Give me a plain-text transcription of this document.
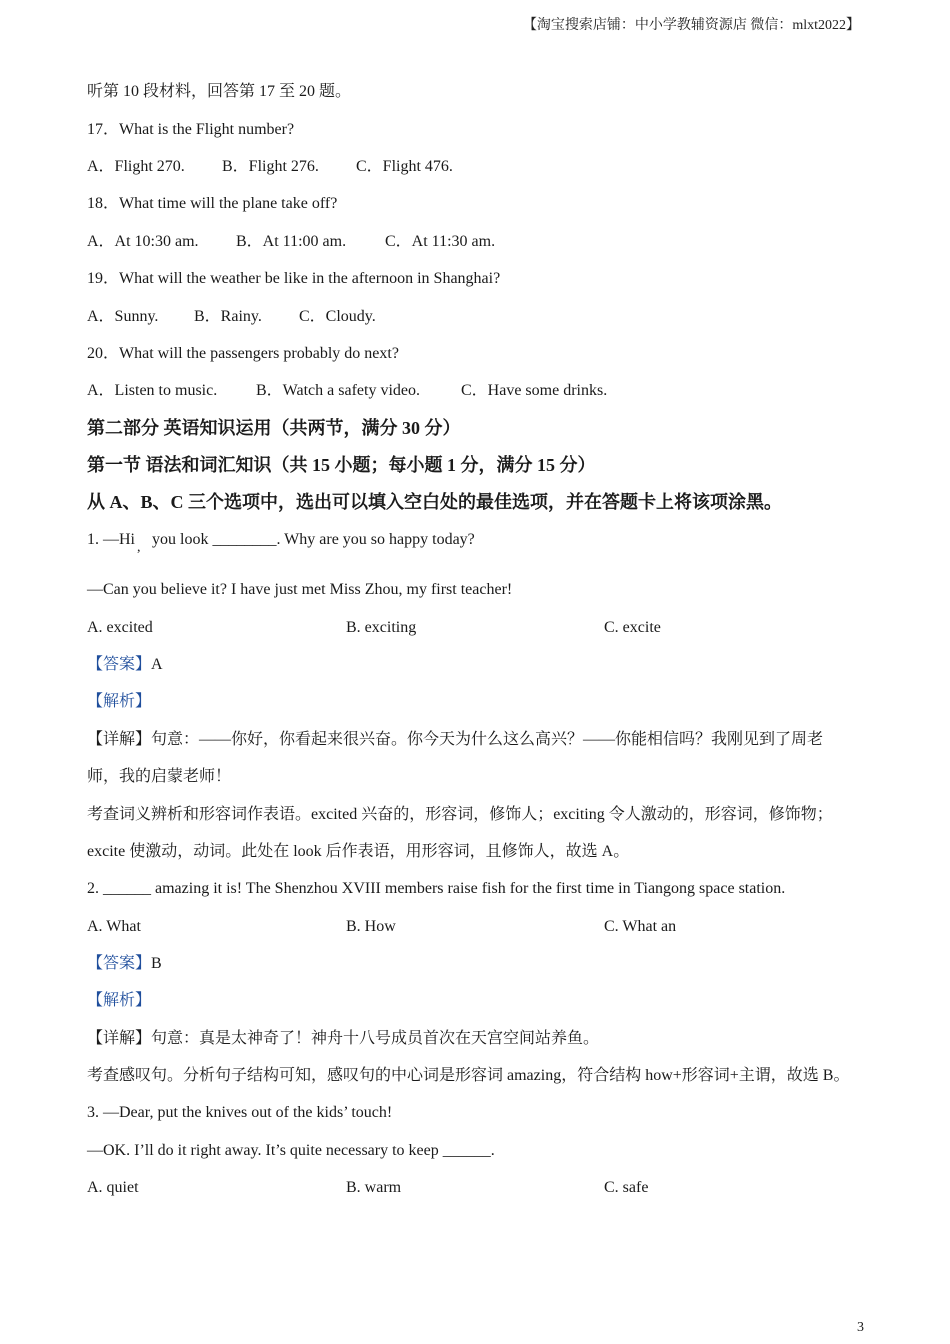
【淘宝搜索店铺：中小学教辅资源店 微信：mlxt2022】
听第 10 段材料，回答第 17 至 20 题。
17．What is the Flight number?
A．Flight 270. B．Flight 276. C．Flight 476.
18．What time will the plane take off?
A．At 10:30 am. B．At 11:00 am. C．At 11:30 am.
19．What will the weather be like in the afternoon in Shanghai?
A．Sunny. B．Rainy. C．Cloudy.
20．What will the passengers probably do next?
A．Listen to music. B．Watch a safety video.	C．Have some drinks.
第二部分 英语知识运用（共两节，满分 30 分）
第一节 语法和词汇知识（共 15 小题；每小题 1 分，满分 15 分）
从 A、B、C 三个选项中，选出可以填入空白处的最佳选项，并在答题卡上将该项涂黑。
1. —Hi , you look ________. Why are you so happy today?
—Can you believe it? I have just met Miss Zhou, my first teacher!
A. excited	B. exciting	C. excite
【答案】A
【解析】
【详解】句意：——你好，你看起来很兴奋。你今天为什么这么高兴？——你能相信吗？我刚见到了周老
师，我的启蒙老师！
考查词义辨析和形容词作表语。excited 兴奋的，形容词，修饰人；exciting 令人激动的，形容词，修饰物；
excite 使激动，动词。此处在 look 后作表语，用形容词，且修饰人，故选 A。
2. ______ amazing it is! The Shenzhou XVIII members raise fish for the first time in Tiangong space station.
A. What	B. How	C. What an
【答案】B
【解析】
【详解】句意：真是太神奇了！神舟十八号成员首次在天宫空间站养鱼。
考查感叹句。分析句子结构可知，感叹句的中心词是形容词 amazing，符合结构 how+形容词+主谓，故选 B。
3. —Dear, put the knives out of the kids’ touch!
—OK. I’ll do it right away. It’s quite necessary to keep ______.
A. quiet	B. warm	C. safe
3
